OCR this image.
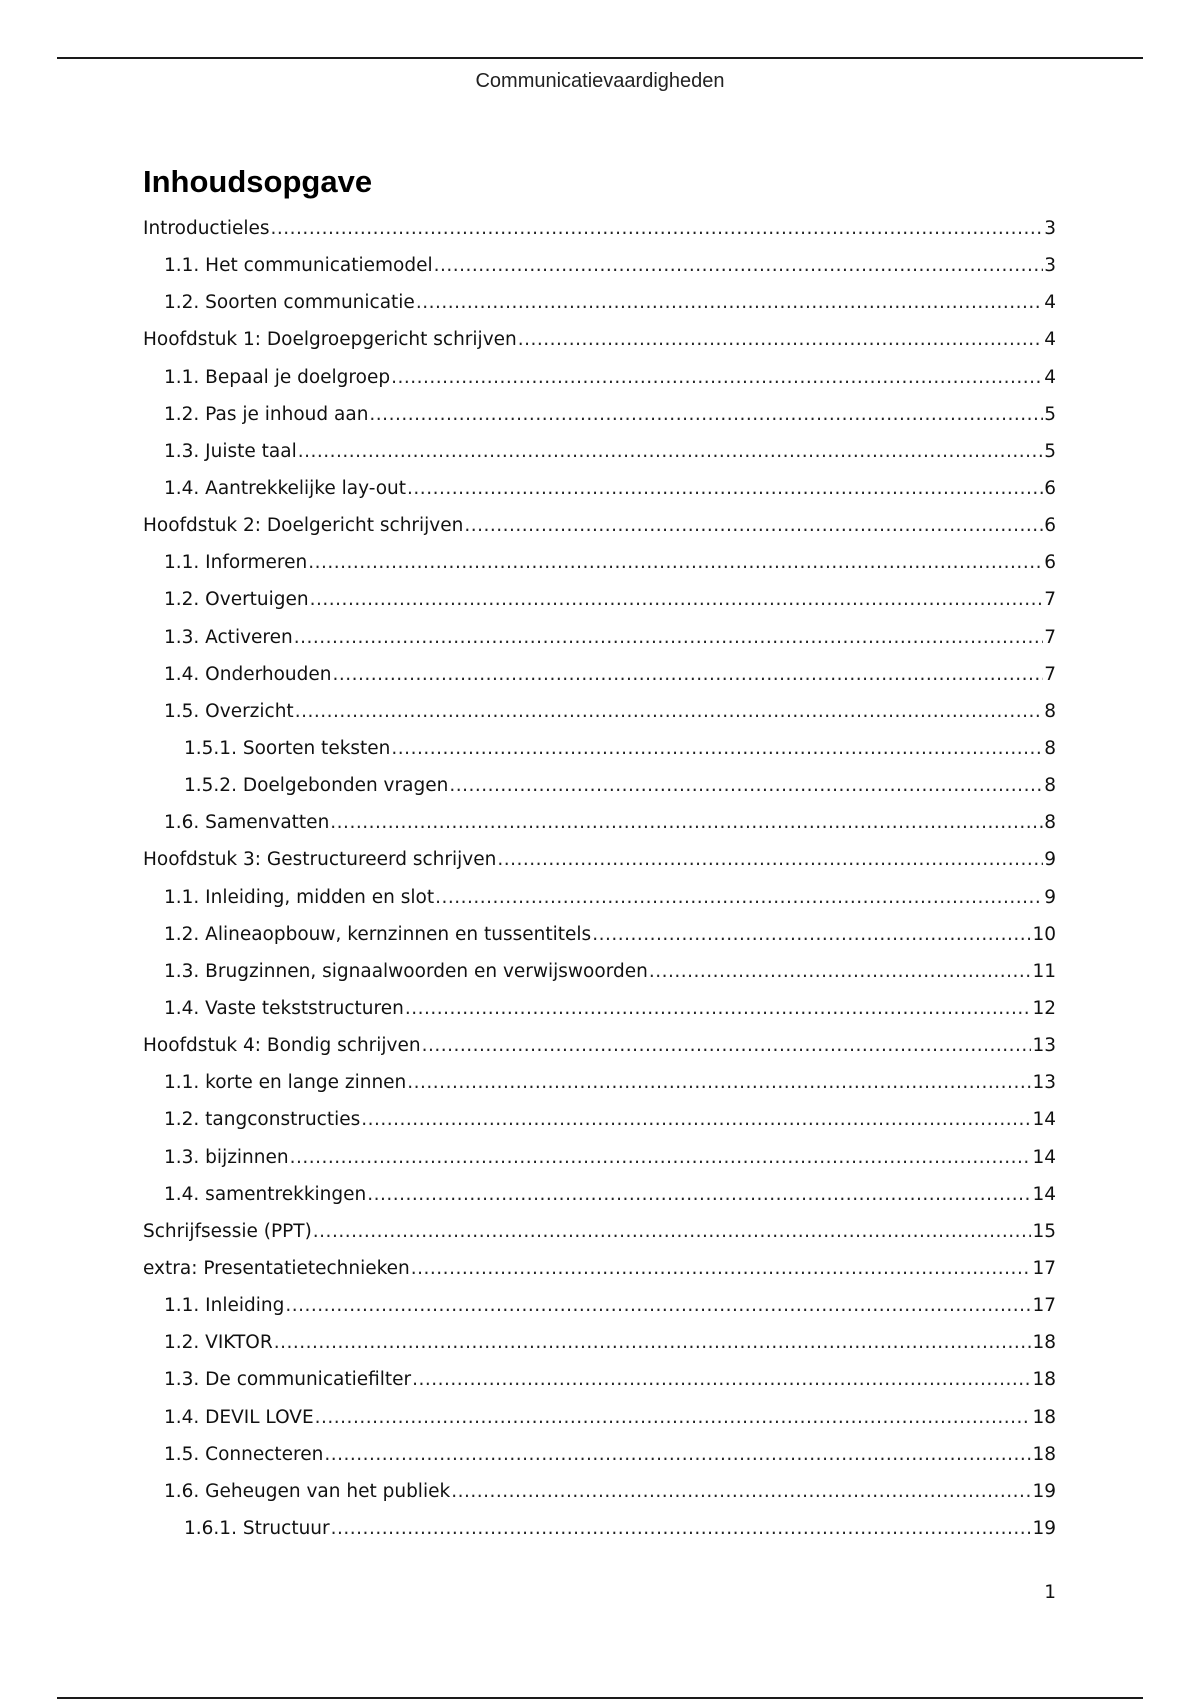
Communicatievaardigheden
Inhoudsopgave
Introductieles .....	3
1.1. Het communicatiemodel .....	3
1.2. Soorten communicatie .....	4
Hoofdstuk 1: Doelgroepgericht schrijven .....	4
1.1. Bepaal je doelgroep .....	4
1.2. Pas je inhoud aan .....	5
1.3. Juiste taal .....	5
1.4. Aantrekkelijke lay-out .....	6
Hoofdstuk 2: Doelgericht schrijven .....	6
1.1. Informeren .....	6
1.2. Overtuigen .....	7
1.3. Activeren .....	7
1.4. Onderhouden .....	7
1.5. Overzicht .....	8
1.5.1. Soorten teksten .....	8
1.5.2. Doelgebonden vragen .....	8
1.6. Samenvatten .....	8
Hoofdstuk 3: Gestructureerd schrijven .....	9
1.1. Inleiding, midden en slot .....	9
1.2. Alineaopbouw, kernzinnen en tussentitels .....	10
1.3. Brugzinnen, signaalwoorden en verwijswoorden .....	11
1.4. Vaste tekststructuren .....	12
Hoofdstuk 4: Bondig schrijven .....	13
1.1. korte en lange zinnen .....	13
1.2. tangconstructies .....	14
1.3. bijzinnen .....	14
1.4. samentrekkingen .....	14
Schrijfsessie (PPT) .....	15
extra: Presentatietechnieken .....	17
1.1. Inleiding .....	17
1.2. VIKTOR .....	18
1.3. De communicatiefilter .....	18
1.4. DEVIL LOVE .....	18
1.5. Connecteren .....	18
1.6. Geheugen van het publiek .....	19
1.6.1. Structuur .....	19
1
